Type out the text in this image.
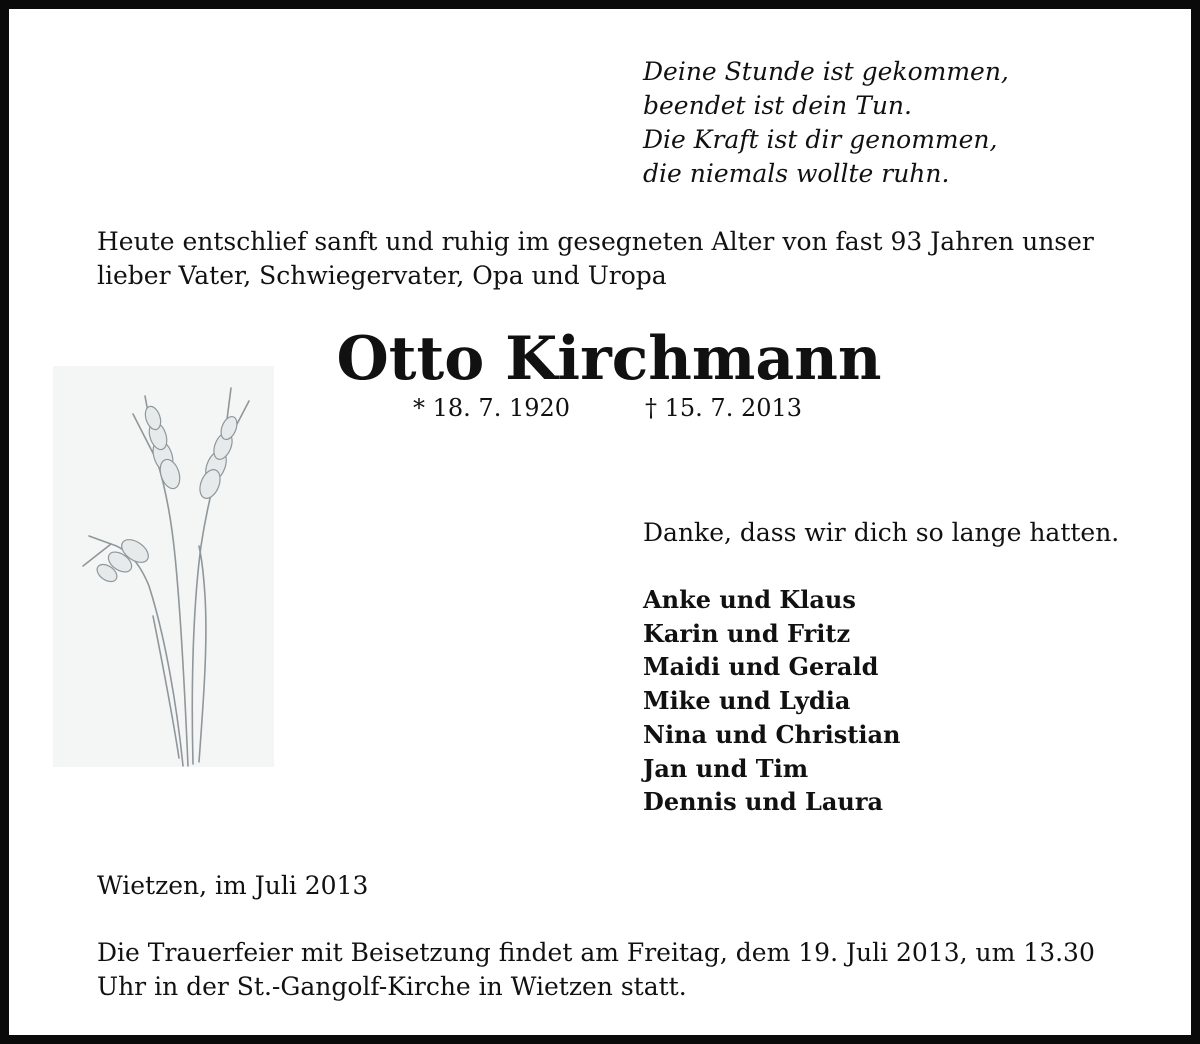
Deine Stunde ist gekommen,
beendet ist dein Tun.
Die Kraft ist dir genommen,
die niemals wollte ruhn.
Heute entschlief sanft und ruhig im gesegneten Alter von fast 93 Jahren unser
lieber Vater, Schwiegervater, Opa und Uropa
Otto Kirchmann
* 18. 7. 1920	† 15. 7. 2013
Danke, dass wir dich so lange hatten.
Anke und Klaus
Karin und Fritz
Maidi und Gerald
Mike und Lydia
Nina und Christian
Jan und Tim
Dennis und Laura
Wietzen, im Juli 2013
Die Trauerfeier mit Beisetzung findet am Freitag, dem 19. Juli 2013, um 13.30
Uhr in der St.-Gangolf-Kirche in Wietzen statt.
